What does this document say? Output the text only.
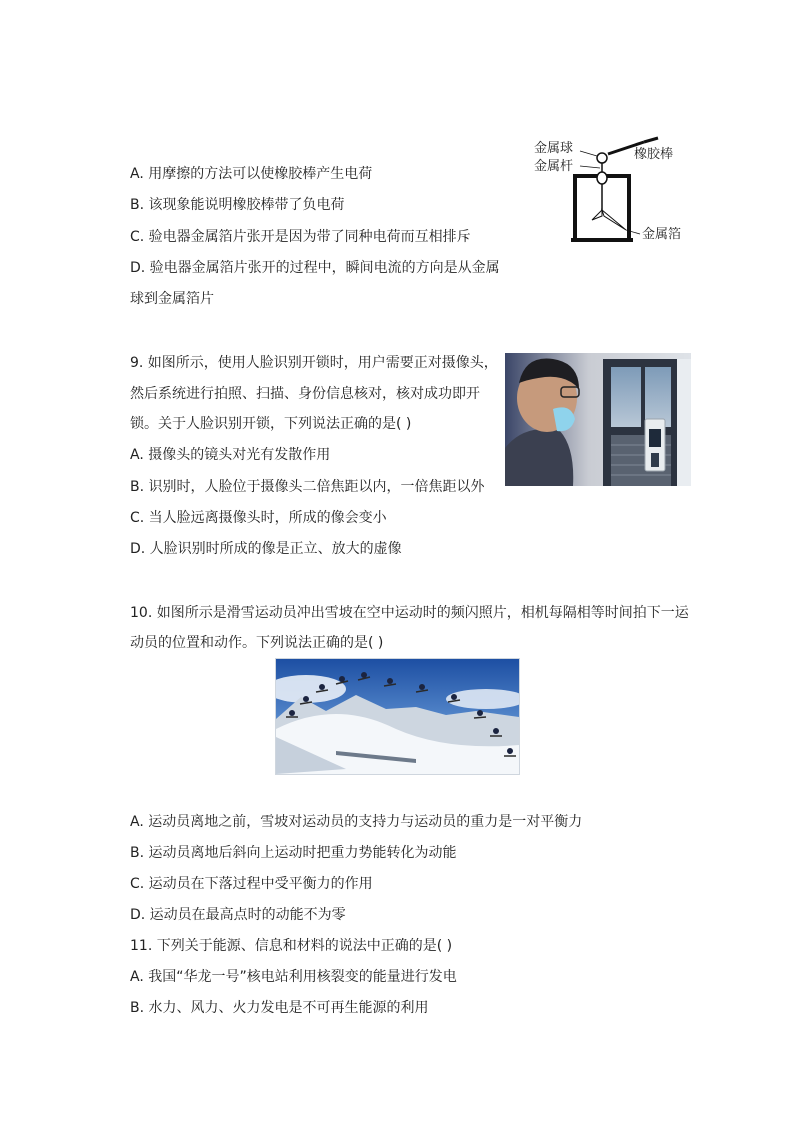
A. 用摩擦的方法可以使橡胶棒产生电荷
B. 该现象能说明橡胶棒带了负电荷
C. 验电器金属箔片张开是因为带了同种电荷而互相排斥
D. 验电器金属箔片张开的过程中，瞬间电流的方向是从金属
球到金属箔片
金属球
金属杆
橡胶棒
金属箔
9. 如图所示，使用人脸识别开锁时，用户需要正对摄像头，
然后系统进行拍照、扫描、身份信息核对，核对成功即开
锁。关于人脸识别开锁，下列说法正确的是( )
A. 摄像头的镜头对光有发散作用
B. 识别时，人脸位于摄像头二倍焦距以内，一倍焦距以外
C. 当人脸远离摄像头时，所成的像会变小
D. 人脸识别时所成的像是正立、放大的虚像
10. 如图所示是滑雪运动员冲出雪坡在空中运动时的频闪照片，相机每隔相等时间拍下一运
动员的位置和动作。下列说法正确的是( )
A. 运动员离地之前，雪坡对运动员的支持力与运动员的重力是一对平衡力
B. 运动员离地后斜向上运动时把重力势能转化为动能
C. 运动员在下落过程中受平衡力的作用
D. 运动员在最高点时的动能不为零
11. 下列关于能源、信息和材料的说法中正确的是( )
A. 我国“华龙一号”核电站利用核裂变的能量进行发电
B. 水力、风力、火力发电是不可再生能源的利用
